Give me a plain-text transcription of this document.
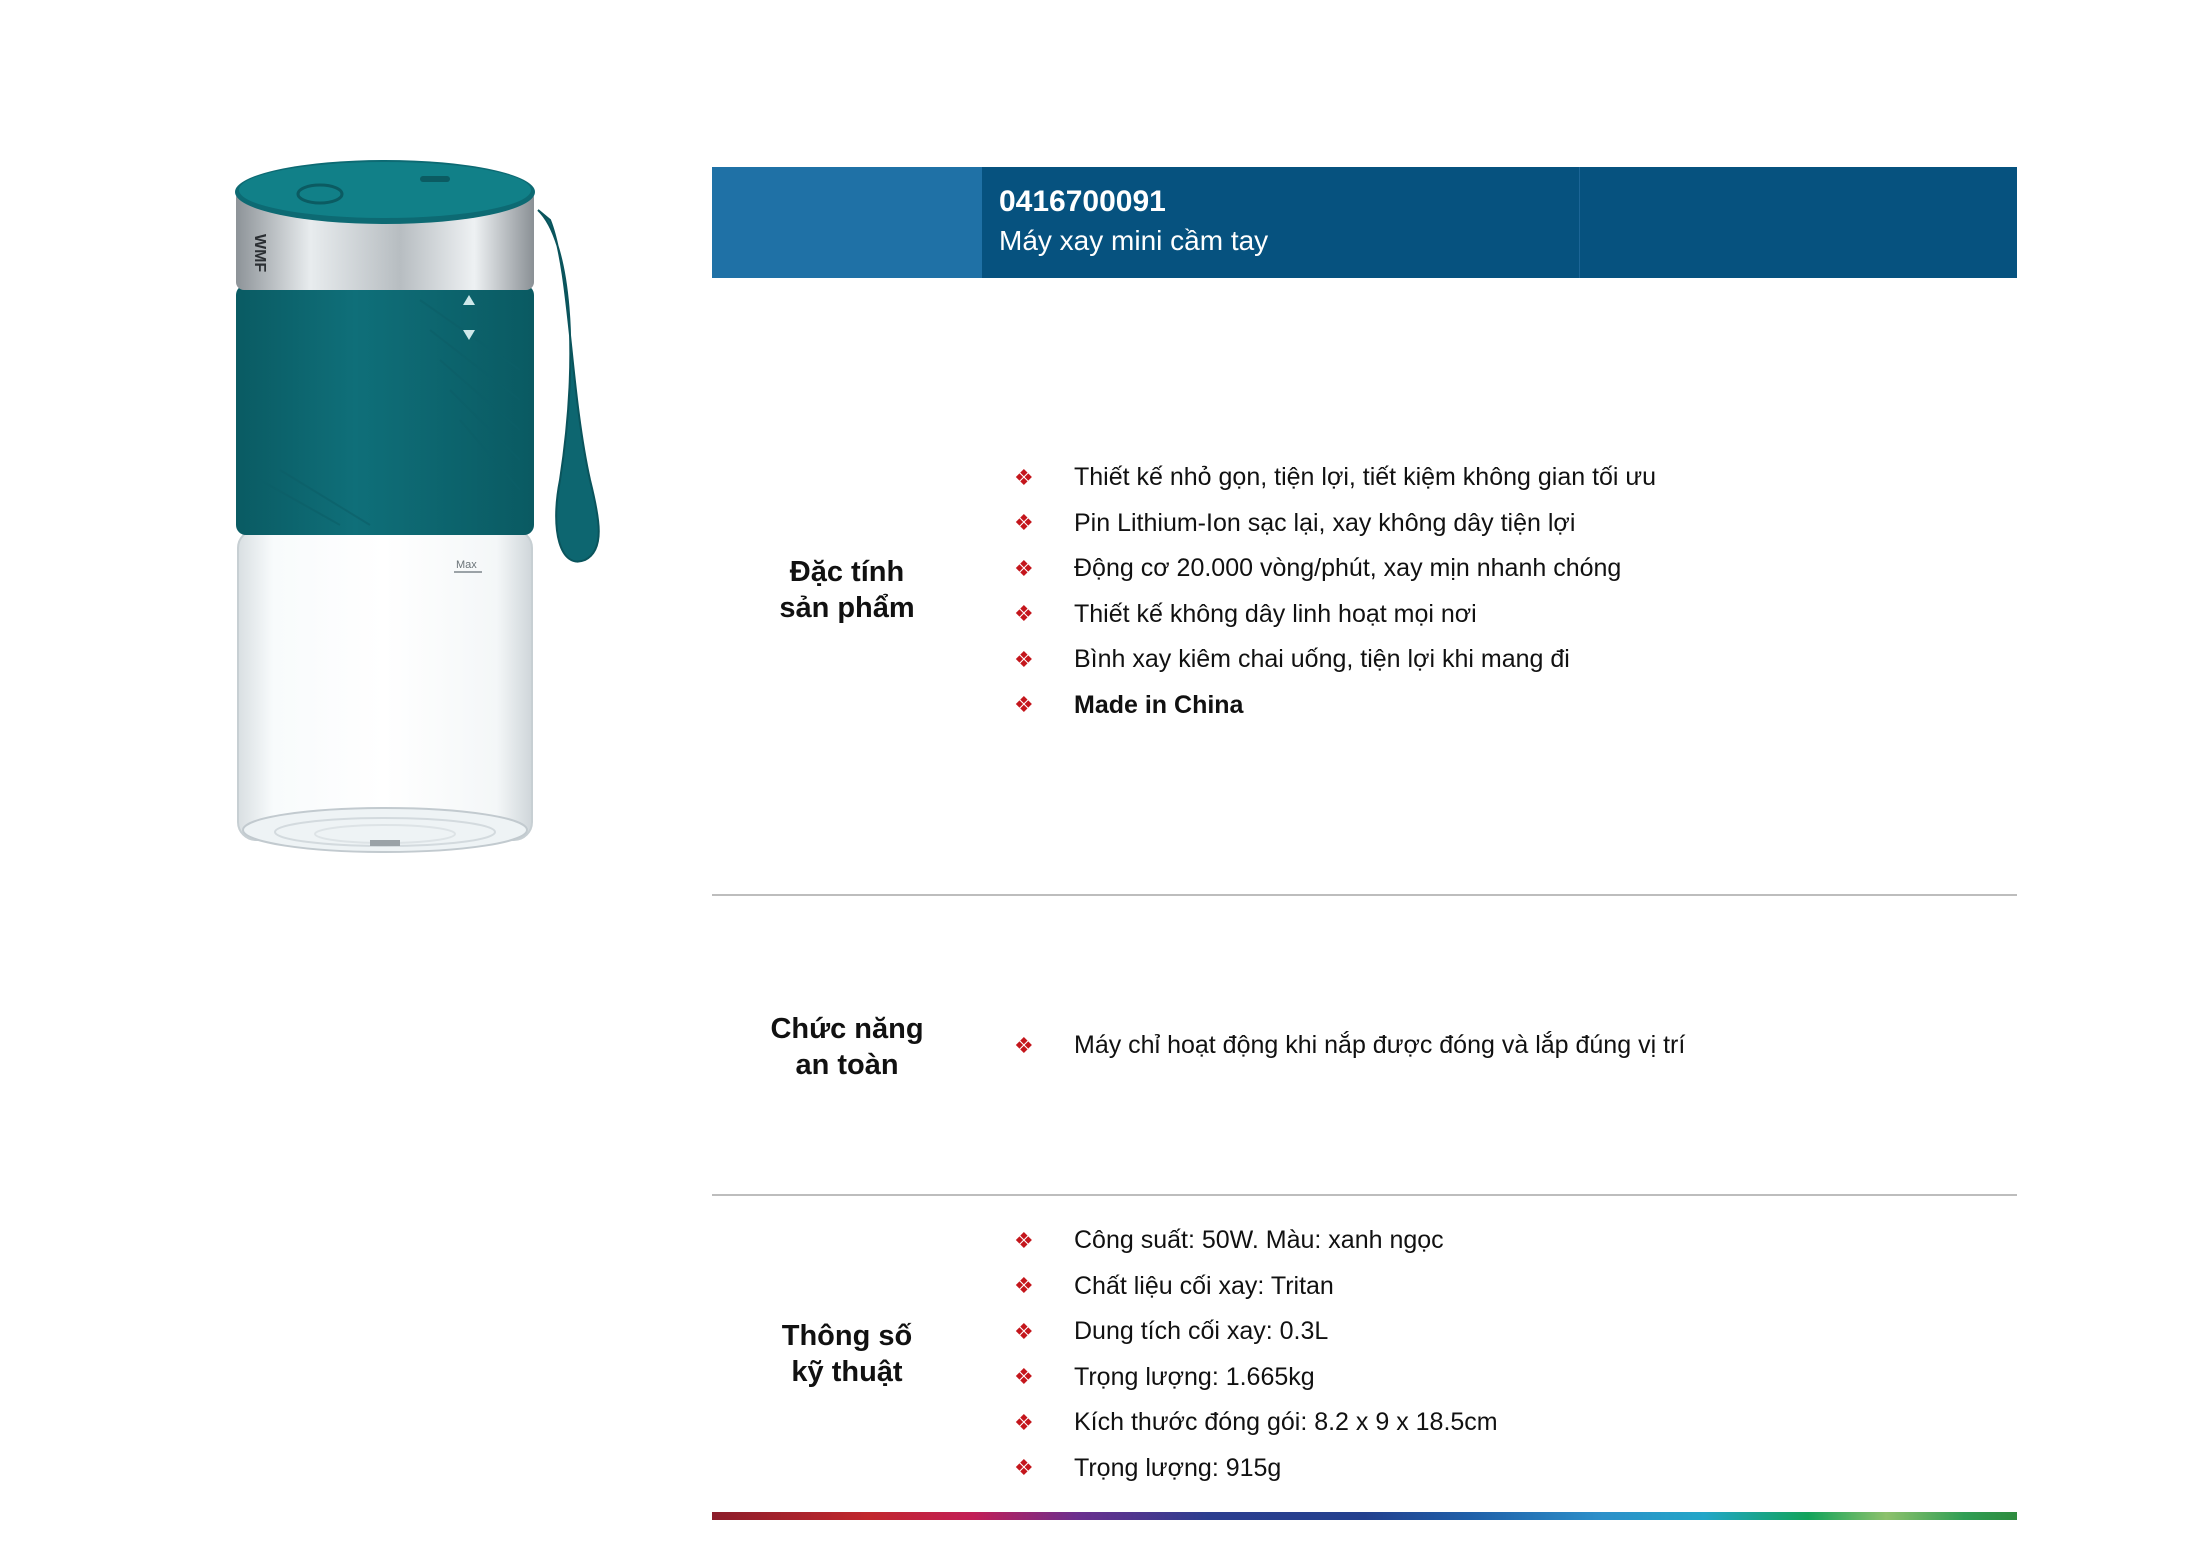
Max
WMF
0416700091
Máy xay mini cầm tay
Đặc tính
sản phẩm
❖	Thiết kế nhỏ gọn, tiện lợi, tiết kiệm không gian tối ưu
❖	Pin Lithium-Ion sạc lại, xay không dây tiện lợi
❖	Động cơ 20.000 vòng/phút, xay mịn nhanh chóng
❖	Thiết kế không dây linh hoạt mọi nơi
❖	Bình xay kiêm chai uống, tiện lợi khi mang đi
❖	Made in China
Chức năng
an toàn
❖	Máy chỉ hoạt động khi nắp được đóng và lắp đúng vị trí
Thông số
kỹ thuật
❖	Công suất: 50W. Màu: xanh ngọc
❖	Chất liệu cối xay: Tritan
❖	Dung tích cối xay: 0.3L
❖	Trọng lượng: 1.665kg
❖	Kích thước đóng gói: 8.2 x 9 x 18.5cm
❖	Trọng lượng: 915g
